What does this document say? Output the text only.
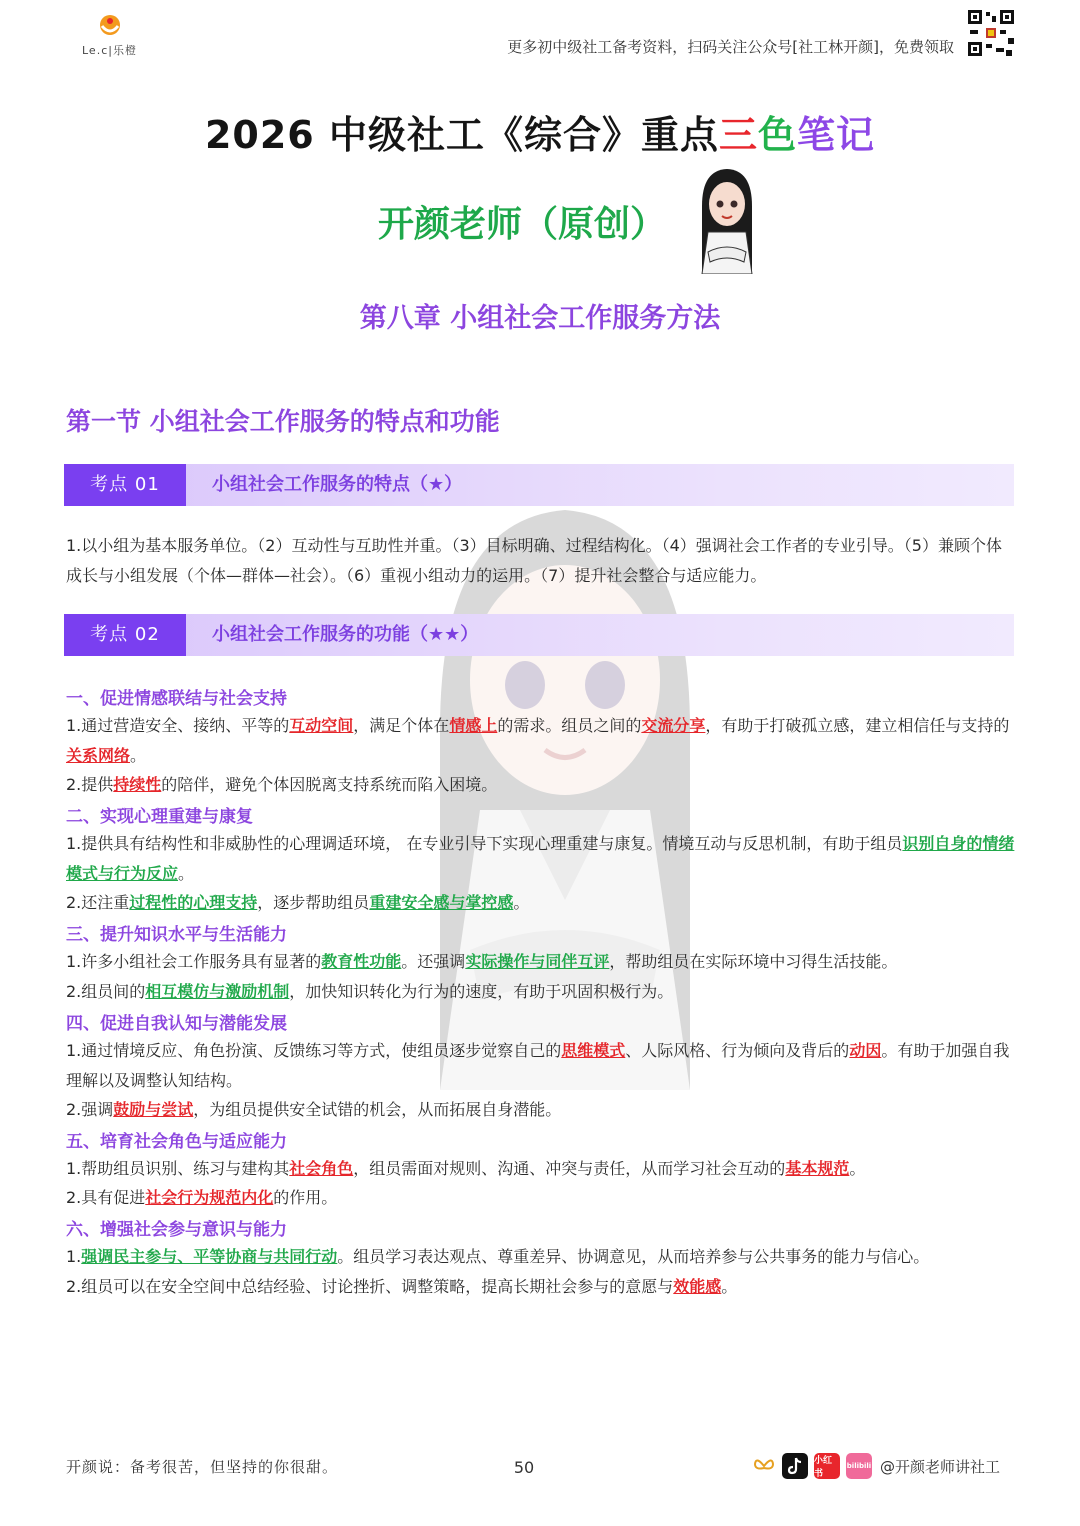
Le.c|乐橙	更多初中级社工备考资料，扫码关注公众号[社工林开颜]，免费领取
2026 中级社工《综合》重点三色笔记
开颜老师（原创）
第八章 小组社会工作服务方法
第一节 小组社会工作服务的特点和功能
考点 01	小组社会工作服务的特点（★）
1.以小组为基本服务单位。（2）互动性与互助性并重。（3）目标明确、过程结构化。（4）强调社会工作者的专业引导。（5）兼顾个体成长与小组发展（个体—群体—社会）。（6）重视小组动力的运用。（7）提升社会整合与适应能力。
考点 02	小组社会工作服务的功能（★★）
一、促进情感联结与社会支持
1.通过营造安全、接纳、平等的互动空间，满足个体在情感上的需求。组员之间的交流分享，有助于打破孤立感，建立相信任与支持的关系网络。
2.提供持续性的陪伴，避免个体因脱离支持系统而陷入困境。
二、实现心理重建与康复
1.提供具有结构性和非威胁性的心理调适环境， 在专业引导下实现心理重建与康复。情境互动与反思机制，有助于组员识别自身的情绪模式与行为反应。
2.还注重过程性的心理支持，逐步帮助组员重建安全感与掌控感。
三、提升知识水平与生活能力
1.许多小组社会工作服务具有显著的教育性功能。还强调实际操作与同伴互评，帮助组员在实际环境中习得生活技能。
2.组员间的相互模仿与激励机制，加快知识转化为行为的速度，有助于巩固积极行为。
四、促进自我认知与潜能发展
1.通过情境反应、角色扮演、反馈练习等方式，使组员逐步觉察自己的思维模式、人际风格、行为倾向及背后的动因。有助于加强自我理解以及调整认知结构。
2.强调鼓励与尝试，为组员提供安全试错的机会，从而拓展自身潜能。
五、培育社会角色与适应能力
1.帮助组员识别、练习与建构其社会角色，组员需面对规则、沟通、冲突与责任，从而学习社会互动的基本规范。
2.具有促进社会行为规范内化的作用。
六、增强社会参与意识与能力
1.强调民主参与、平等协商与共同行动。组员学习表达观点、尊重差异、协调意见，从而培养参与公共事务的能力与信心。
2.组员可以在安全空间中总结经验、讨论挫折、调整策略，提高长期社会参与的意愿与效能感。
开颜说：备考很苦，但坚持的你很甜。	50	小红书
bilibili @开颜老师讲社工
